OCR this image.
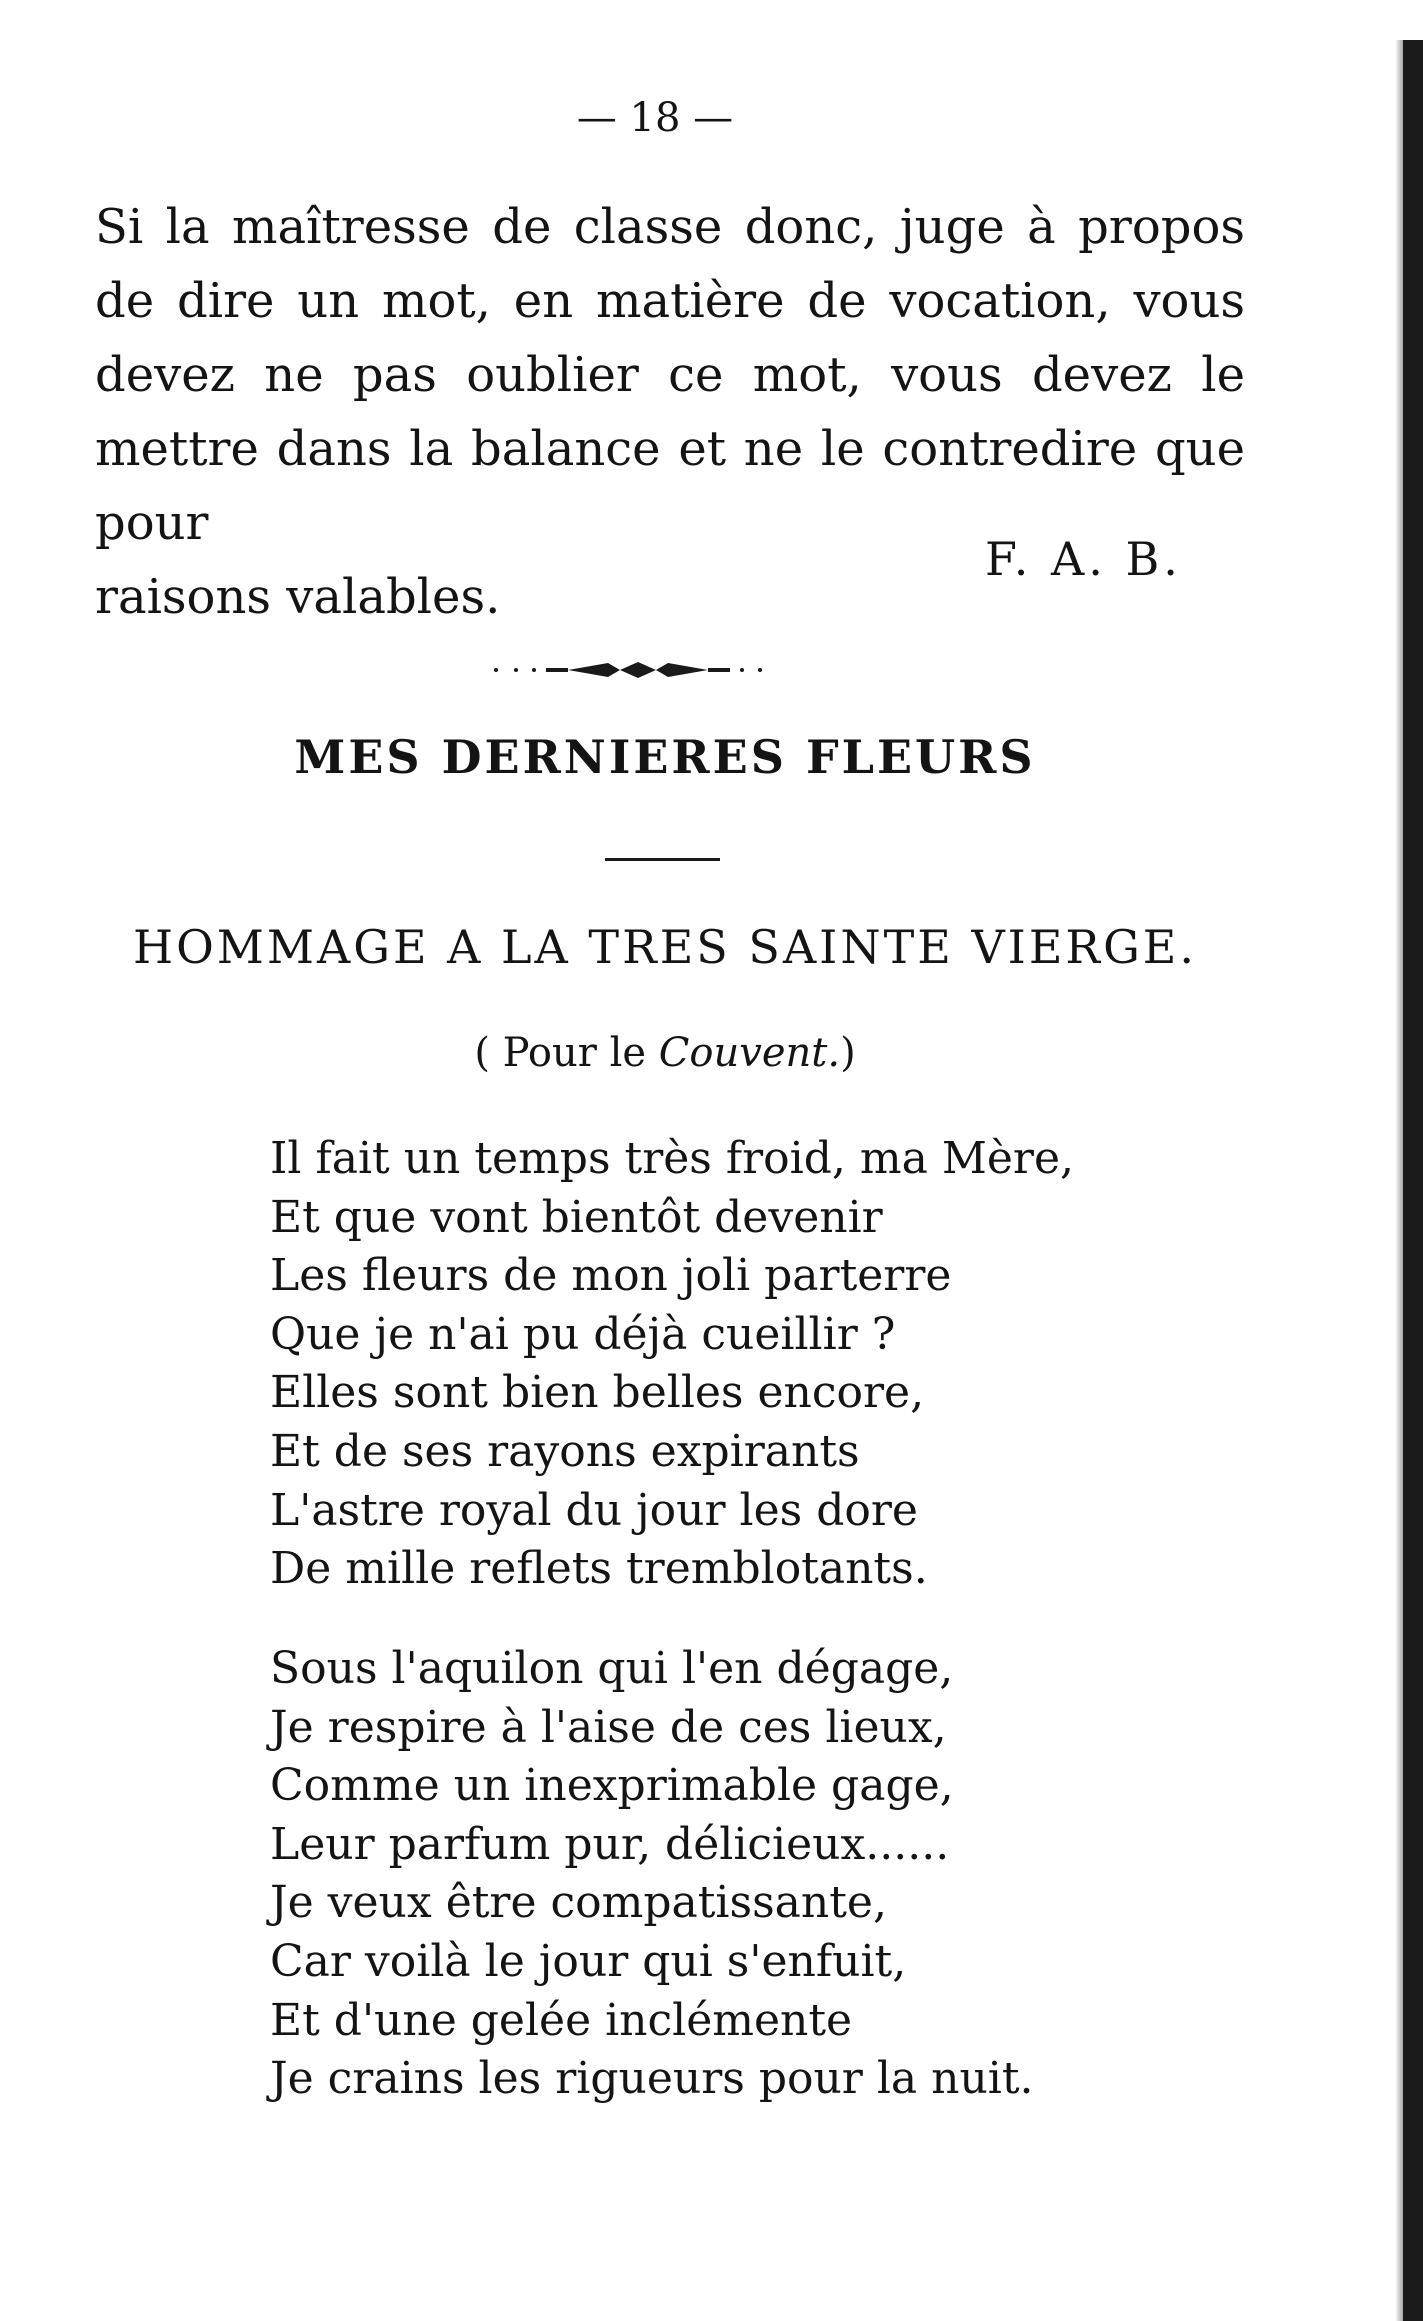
— 18 —
Si la maîtresse de classe donc, juge à propos de dire un mot, en matière de vocation, vous devez ne pas oublier ce mot, vous devez le mettre dans la balance et ne le contredire que pour
raisons valables.
F. A. B.
MES DERNIERES FLEURS
HOMMAGE A LA TRES SAINTE VIERGE.
( Pour le Couvent.)
Il fait un temps très froid, ma Mère,
Et que vont bientôt devenir
Les fleurs de mon joli parterre
Que je n'ai pu déjà cueillir ?
Elles sont bien belles encore,
Et de ses rayons expirants
L'astre royal du jour les dore
De mille reflets tremblotants.
Sous l'aquilon qui l'en dégage,
Je respire à l'aise de ces lieux,
Comme un inexprimable gage,
Leur parfum pur, délicieux......
Je veux être compatissante,
Car voilà le jour qui s'enfuit,
Et d'une gelée inclémente
Je crains les rigueurs pour la nuit.
